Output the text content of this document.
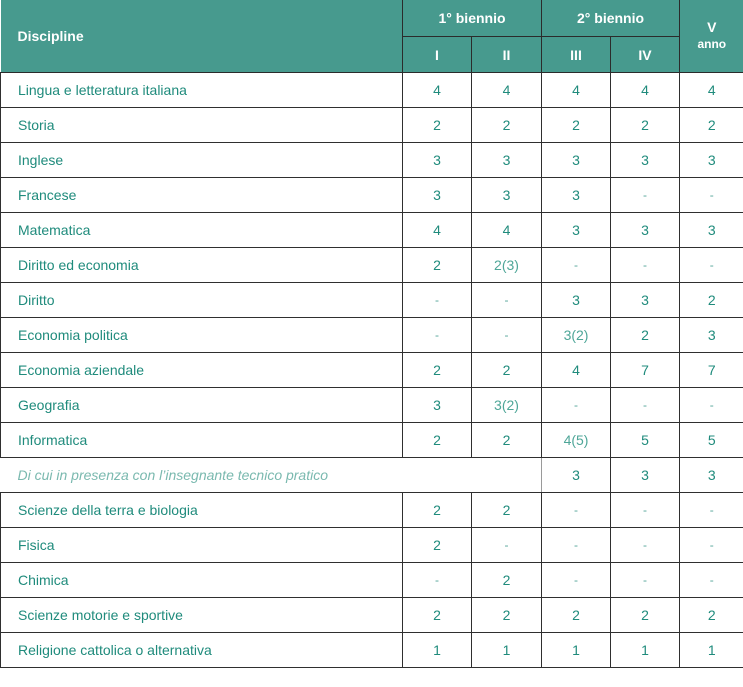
Discipline	1° biennio		2° biennio		V
anno

	I	II	III	IV	
Lingua e letteratura italiana	4	4	4	4	4
Storia	2	2	2	2	2
Inglese	3	3	3	3	3
Francese	3	3	3	-	-
Matematica	4	4	3	3	3
Diritto ed economia	2	2(3)	-	-	-
Diritto	-	-	3	3	2
Economia politica	-	-	3(2)	2	3
Economia aziendale	2	2	4	7	7
Geografia	3	3(2)	-	-	-
Informatica	2	2	4(5)	5	5
Di cui in presenza con l’insegnante tecnico pratico			3	3	3
Scienze della terra e biologia	2	2	-	-	-
Fisica	2	-	-	-	-
Chimica	-	2	-	-	-
Scienze motorie e sportive	2	2	2	2	2
Religione cattolica o alternativa	1	1	1	1	1
